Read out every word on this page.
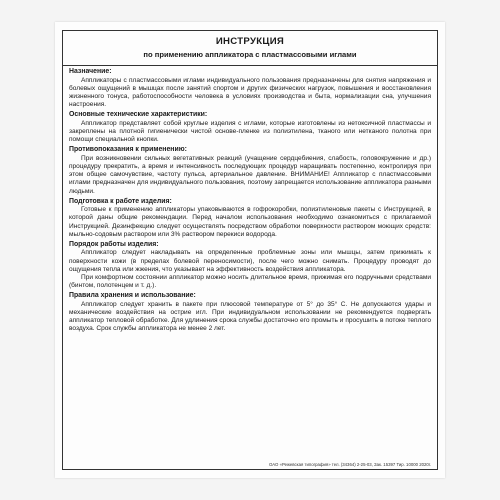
ИНСТРУКЦИЯ
по применению аппликатора с пластмассовыми иглами
Назначение:

Аппликаторы с пластмассовыми иглами индивидуального пользования предназначены для снятия напряжения и болевых ощущений в мышцах после занятий спортом и других физических нагрузок, повышения и восстановления жизненного тонуса, работоспособности человека в условиях производства и быта, нормализации сна, улучшения настроения.

Основные технические характеристики:

Аппликатор представляет собой круглые изделия с иглами, которые изготовлены из нетоксичной пластмассы и закреплены на плотной гигиенически чистой основе-пленке из полиэтилена, тканого или нетканого полотна при помощи специальной кнопки.

Противопоказания к применению:

При возникновении сильных вегетативных реакций (учащение сердцебиения, слабость, головокружение и др.) процедуру прекратить, а время и интенсивность последующих процедур наращивать постепенно, контролируя при этом общее самочувствие, частоту пульса, артериальное давление. ВНИМАНИЕ! Аппликатор с пластмассовыми иглами предназначен для индивидуального пользования, поэтому запрещается использование аппликатора разными людьми.

Подготовка к работе изделия:

Готовые к применению аппликаторы упаковываются в гофрокоробки, полиэтиленовые пакеты с Инструкцией, в которой даны общие рекомендации. Перед началом использования необходимо ознакомиться с прилагаемой Инструкцией. Дезинфекцию следует осуществлять посредством обработки поверхности раствором моющих средств: мыльно-содовым раствором или 3% раствором перекиси водорода.

Порядок работы изделия:

Аппликатор следует накладывать на определенные проблемные зоны или мышцы, затем прижимать к поверхности кожи (в пределах болевой переносимости), после чего можно снимать. Процедуру проводят до ощущения тепла или жжения, что указывает на эффективность воздействия аппликатора.

При комфортном состоянии аппликатор можно носить длительное время, прижимая его подручными средствами (бинтом, полотенцем и т. д.).

Правила хранения и использование:

Аппликатор следует хранить в пакете при плюсовой температуре от 5° до 35° С. Не допускаются удары и механические воздействия на острие игл. При индивидуальном использовании не рекомендуется подвергать аппликатор тепловой обработке. Для удлинения срока службы достаточно его промыть и просушить в потоке теплого воздуха. Срок службы аппликатора не менее 2 лет.

ОАО «Режевская типография» тел. (34364) 2-25-03, Зак. 15397 Тир. 10000 2020г.
